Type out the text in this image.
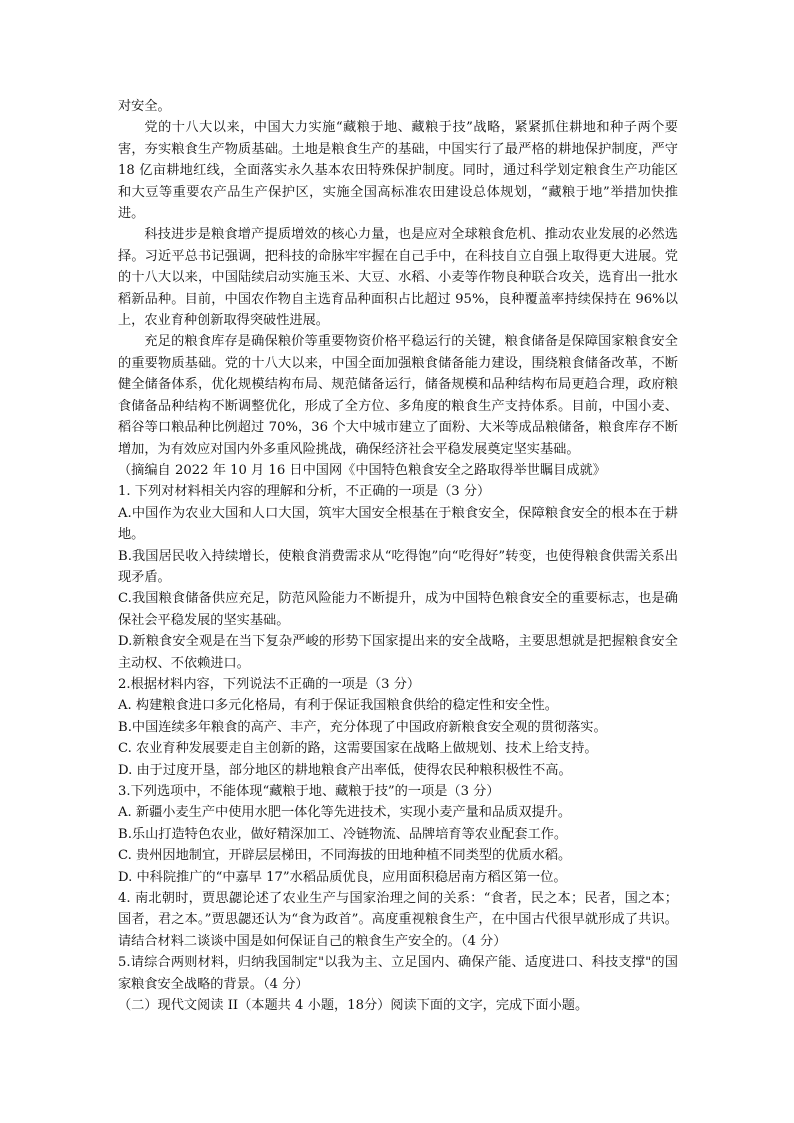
对安全。

党的十八大以来，中国大力实施“藏粮于地、藏粮于技”战略，紧紧抓住耕地和种子两个要害，夯实粮食生产物质基础。土地是粮食生产的基础，中国实行了最严格的耕地保护制度，严守 18 亿亩耕地红线，全面落实永久基本农田特殊保护制度。同时，通过科学划定粮食生产功能区和大豆等重要农产品生产保护区，实施全国高标准农田建设总体规划，“藏粮于地”举措加快推进。

科技进步是粮食增产提质增效的核心力量，也是应对全球粮食危机、推动农业发展的必然选择。习近平总书记强调，把科技的命脉牢牢握在自己手中，在科技自立自强上取得更大进展。党的十八大以来，中国陆续启动实施玉米、大豆、水稻、小麦等作物良种联合攻关，选育出一批水稻新品种。目前，中国农作物自主选育品种面积占比超过 95%，良种覆盖率持续保持在 96%以上，农业育种创新取得突破性进展。

充足的粮食库存是确保粮价等重要物资价格平稳运行的关键，粮食储备是保障国家粮食安全的重要物质基础。党的十八大以来，中国全面加强粮食储备能力建设，围绕粮食储备改革，不断健全储备体系，优化规模结构布局、规范储备运行，储备规模和品种结构布局更趋合理，政府粮食储备品种结构不断调整优化，形成了全方位、多角度的粮食生产支持体系。目前，中国小麦、稻谷等口粮品种比例超过 70%，36 个大中城市建立了面粉、大米等成品粮储备，粮食库存不断增加，为有效应对国内外多重风险挑战，确保经济社会平稳发展奠定坚实基础。

（摘编自 2022 年 10 月 16 日中国网《中国特色粮食安全之路取得举世瞩目成就》

1. 下列对材料相关内容的理解和分析，不正确的一项是（3 分）

A.中国作为农业大国和人口大国，筑牢大国安全根基在于粮食安全，保障粮食安全的根本在于耕地。

B.我国居民收入持续增长，使粮食消费需求从“吃得饱”向“吃得好”转变，也使得粮食供需关系出现矛盾。

C.我国粮食储备供应充足，防范风险能力不断提升，成为中国特色粮食安全的重要标志，也是确保社会平稳发展的坚实基础。

D.新粮食安全观是在当下复杂严峻的形势下国家提出来的安全战略，主要思想就是把握粮食安全主动权、不依赖进口。

2.根据材料内容，下列说法不正确的一项是（3 分）

A. 构建粮食进口多元化格局，有利于保证我国粮食供给的稳定性和安全性。

B.中国连续多年粮食的高产、丰产，充分体现了中国政府新粮食安全观的贯彻落实。

C. 农业育种发展要走自主创新的路，这需要国家在战略上做规划、技术上给支持。

D. 由于过度开垦，部分地区的耕地粮食产出率低，使得农民种粮积极性不高。

3.下列选项中，不能体现“藏粮于地、藏粮于技”的一项是（3 分）

A. 新疆小麦生产中使用水肥一体化等先进技术，实现小麦产量和品质双提升。

B.乐山打造特色农业，做好精深加工、冷链物流、品牌培育等农业配套工作。

C. 贵州因地制宜，开辟层层梯田，不同海拔的田地种植不同类型的优质水稻。

D. 中科院推广的“中嘉早 17”水稻品质优良，应用面积稳居南方稻区第一位。

4. 南北朝时，贾思勰论述了农业生产与国家治理之间的关系：“食者，民之本；民者，国之本；国者，君之本。”贾思勰还认为“食为政首”。高度重视粮食生产，在中国古代很早就形成了共识。请结合材料二谈谈中国是如何保证自己的粮食生产安全的。（4 分）

5.请综合两则材料，归纳我国制定"以我为主、立足国内、确保产能、适度进口、科技支撑"的国家粮食安全战略的背景。（4 分）

（二）现代文阅读 II（本题共 4 小题，18分）阅读下面的文字，完成下面小题。
